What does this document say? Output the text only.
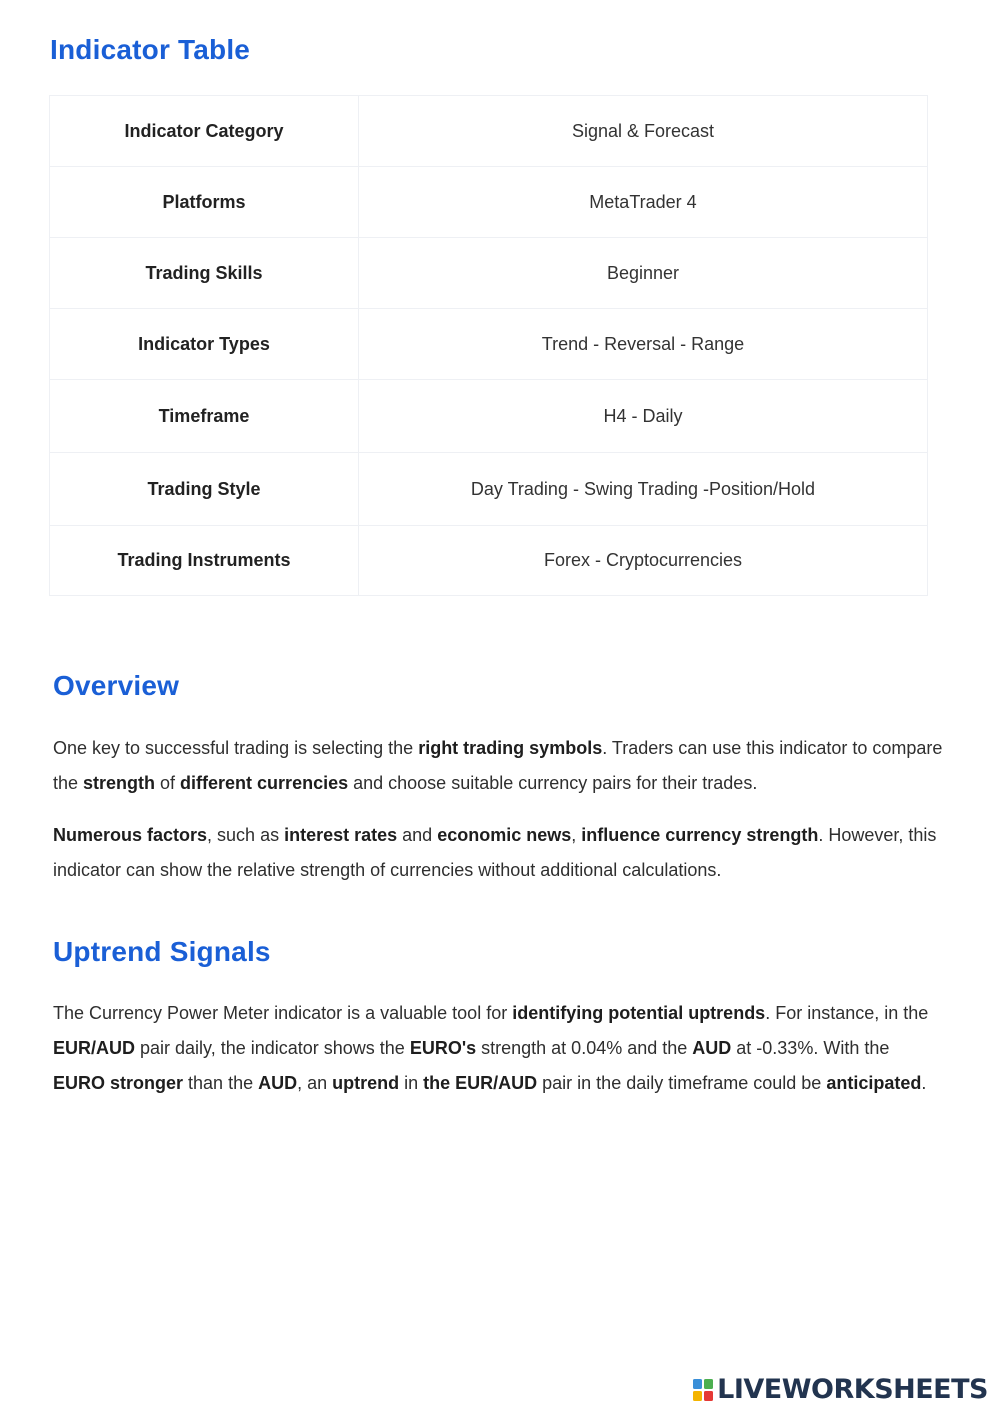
Indicator Table
Indicator Category	Signal & Forecast
Platforms	MetaTrader 4
Trading Skills	Beginner
Indicator Types	Trend - Reversal - Range
Timeframe	H4 - Daily
Trading Style	Day Trading - Swing Trading -Position/Hold
Trading Instruments	Forex - Cryptocurrencies
Overview

One key to successful trading is selecting the right trading symbols. Traders can use this indicator to compare the strength of different currencies and choose suitable currency pairs for their trades.

Numerous factors, such as interest rates and economic news, influence currency strength. However, this indicator can show the relative strength of currencies without additional calculations.

Uptrend Signals

The Currency Power Meter indicator is a valuable tool for identifying potential uptrends. For instance, in the EUR/AUD pair daily, the indicator shows the EURO's strength at 0.04% and the AUD at -0.33%. With the EURO stronger than the AUD, an uptrend in the EUR/AUD pair in the daily timeframe could be anticipated.

LIVEWORKSHEETS
